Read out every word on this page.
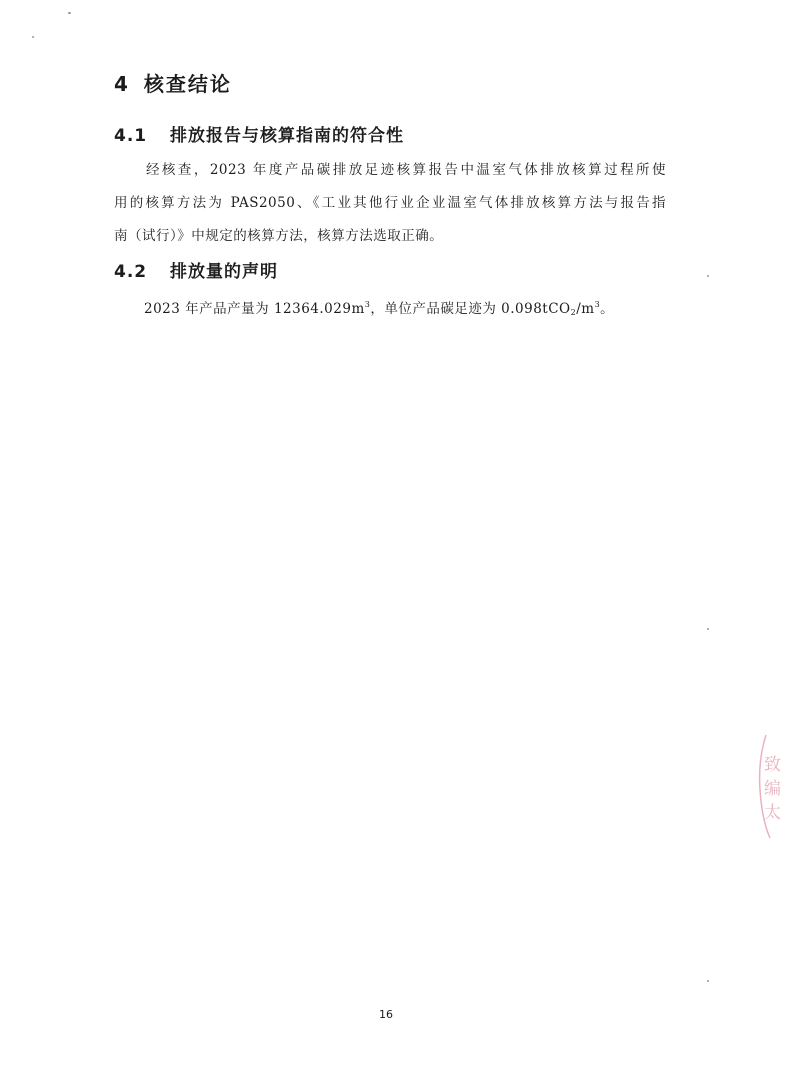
4 核查结论
4.1 排放报告与核算指南的符合性
经核查，2023 年度产品碳排放足迹核算报告中温室气体排放核算过程所使
用的核算方法为 PAS2050、《工业其他行业企业温室气体排放核算方法与报告指
南（试行）》中规定的核算方法，核算方法选取正确。
4.2 排放量的声明
2023 年产品产量为 $12364.029m^3$，单位产品碳足迹为 $0.098tCO_2/m^3$。
致
编
太
16
